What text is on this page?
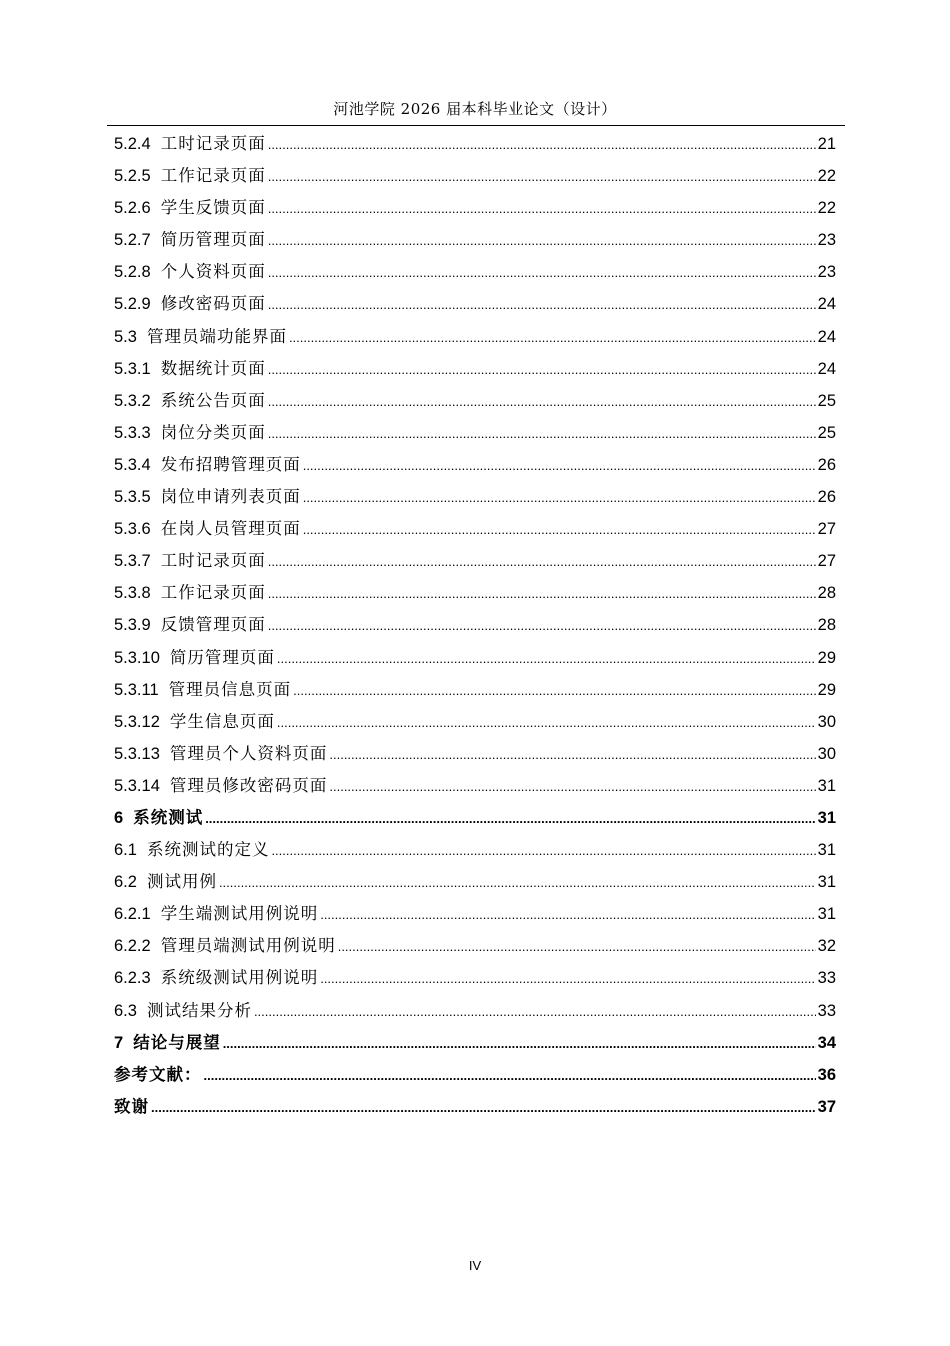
河池学院 2026 届本科毕业论文（设计）
5.2.4 工时记录页面 .....	21
5.2.5 工作记录页面 .....	22
5.2.6 学生反馈页面 .....	22
5.2.7 简历管理页面 .....	23
5.2.8 个人资料页面 .....	23
5.2.9 修改密码页面 .....	24
5.3 管理员端功能界面 .....	24
5.3.1 数据统计页面 .....	24
5.3.2 系统公告页面 .....	25
5.3.3 岗位分类页面 .....	25
5.3.4 发布招聘管理页面 .....	26
5.3.5 岗位申请列表页面 .....	26
5.3.6 在岗人员管理页面 .....	27
5.3.7 工时记录页面 .....	27
5.3.8 工作记录页面 .....	28
5.3.9 反馈管理页面 .....	28
5.3.10 简历管理页面 .....	29
5.3.11 管理员信息页面 .....	29
5.3.12 学生信息页面 .....	30
5.3.13 管理员个人资料页面 .....	30
5.3.14 管理员修改密码页面 .....	31
6 系统测试 .....	31
6.1 系统测试的定义 .....	31
6.2 测试用例 .....	31
6.2.1 学生端测试用例说明 .....	31
6.2.2 管理员端测试用例说明 .....	32
6.2.3 系统级测试用例说明 .....	33
6.3 测试结果分析 .....	33
7 结论与展望 .....	34
参考文献： .....	36
致谢 .....	37
IV
